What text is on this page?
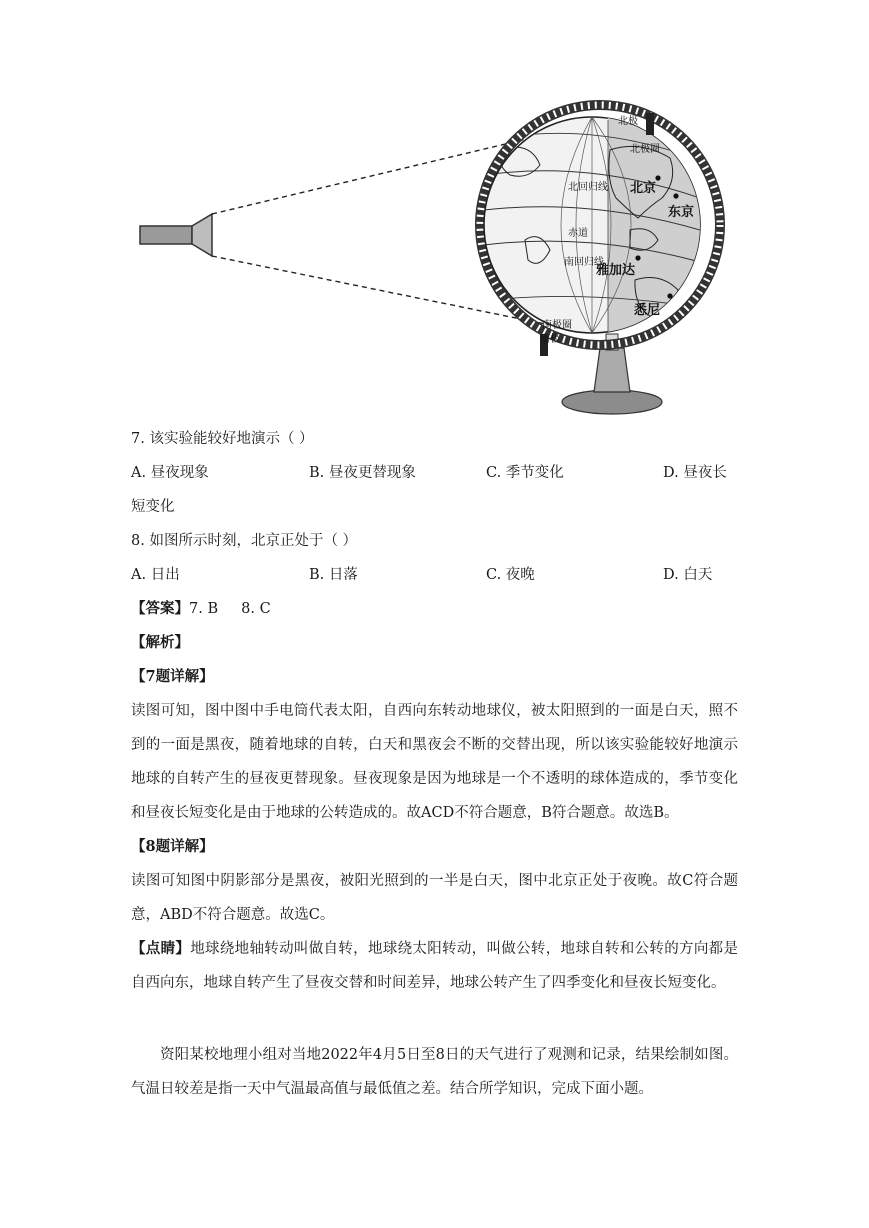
北极
北极圈
北回归线
赤道
南回归线
南极圈
南极
北京
东京
雅加达
悉尼
7. 该实验能较好地演示（ ）
A. 昼夜现象	B. 昼夜更替现象	C. 季节变化	D. 昼夜长
短变化
8. 如图所示时刻，北京正处于（ ）
A. 日出	B. 日落	C. 夜晚	D. 白天
【答案】7. B     8. C
【解析】
【7题详解】
读图可知，图中图中手电筒代表太阳，自西向东转动地球仪，被太阳照到的一面是白天，照不到的一面是黑夜，随着地球的自转，白天和黑夜会不断的交替出现，所以该实验能较好地演示地球的自转产生的昼夜更替现象。昼夜现象是因为地球是一个不透明的球体造成的，季节变化和昼夜长短变化是由于地球的公转造成的。故ACD不符合题意，B符合题意。故选B。
【8题详解】
读图可知图中阴影部分是黑夜，被阳光照到的一半是白天，图中北京正处于夜晚。故C符合题意，ABD不符合题意。故选C。
【点睛】地球绕地轴转动叫做自转，地球绕太阳转动，叫做公转，地球自转和公转的方向都是自西向东，地球自转产生了昼夜交替和时间差异，地球公转产生了四季变化和昼夜长短变化。
资阳某校地理小组对当地2022年4月5日至8日的天气进行了观测和记录，结果绘制如图。气温日较差是指一天中气温最高值与最低值之差。结合所学知识，完成下面小题。
